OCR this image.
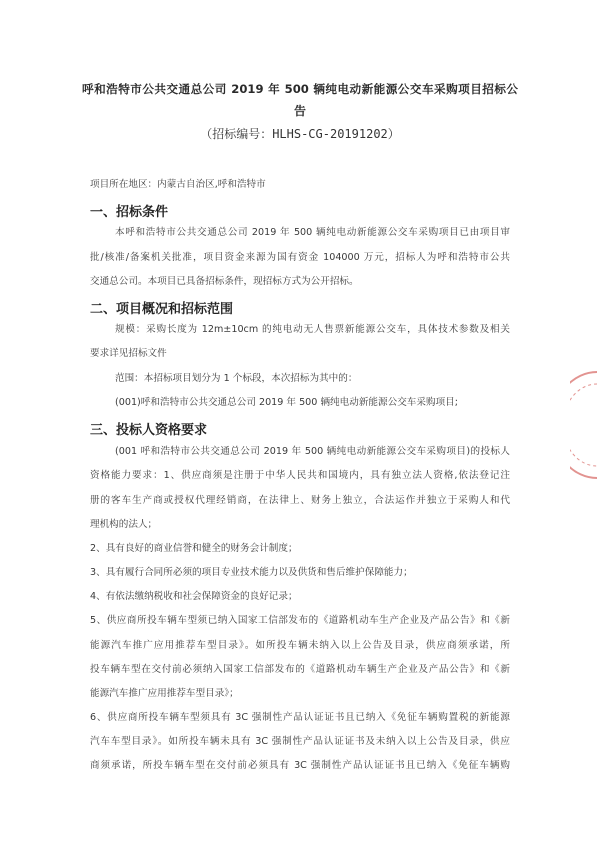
呼和浩特市公共交通总公司 2019 年 500 辆纯电动新能源公交车采购项目招标公
告
（招标编号：HLHS-CG-20191202）
项目所在地区：内蒙古自治区,呼和浩特市
一、招标条件
本呼和浩特市公共交通总公司 2019 年 500 辆纯电动新能源公交车采购项目已由项目审
批/核准/备案机关批准，项目资金来源为国有资金 104000 万元，招标人为呼和浩特市公共
交通总公司。本项目已具备招标条件，现招标方式为公开招标。
二、项目概况和招标范围
规模：采购长度为 12m±10cm 的纯电动无人售票新能源公交车，具体技术参数及相关
要求详见招标文件
范围：本招标项目划分为 1 个标段，本次招标为其中的：
(001)呼和浩特市公共交通总公司 2019 年 500 辆纯电动新能源公交车采购项目;
三、投标人资格要求
(001 呼和浩特市公共交通总公司 2019 年 500 辆纯电动新能源公交车采购项目)的投标人
资格能力要求：1、供应商须是注册于中华人民共和国境内，具有独立法人资格,依法登记注
册的客车生产商或授权代理经销商，在法律上、财务上独立，合法运作并独立于采购人和代
理机构的法人；
2、具有良好的商业信誉和健全的财务会计制度；
3、具有履行合同所必须的项目专业技术能力以及供货和售后维护保障能力；
4、有依法缴纳税收和社会保障资金的良好记录；
5、供应商所投车辆车型须已纳入国家工信部发布的《道路机动车生产企业及产品公告》和《新
能源汽车推广应用推荐车型目录》。如所投车辆未纳入以上公告及目录，供应商须承诺，所
投车辆车型在交付前必须纳入国家工信部发布的《道路机动车辆生产企业及产品公告》和《新
能源汽车推广应用推荐车型目录》；
6、供应商所投车辆车型须具有 3C 强制性产品认证证书且已纳入《免征车辆购置税的新能源
汽车车型目录》。如所投车辆未具有 3C 强制性产品认证证书及未纳入以上公告及目录，供应
商须承诺，所投车辆车型在交付前必须具有 3C 强制性产品认证证书且已纳入《免征车辆购
